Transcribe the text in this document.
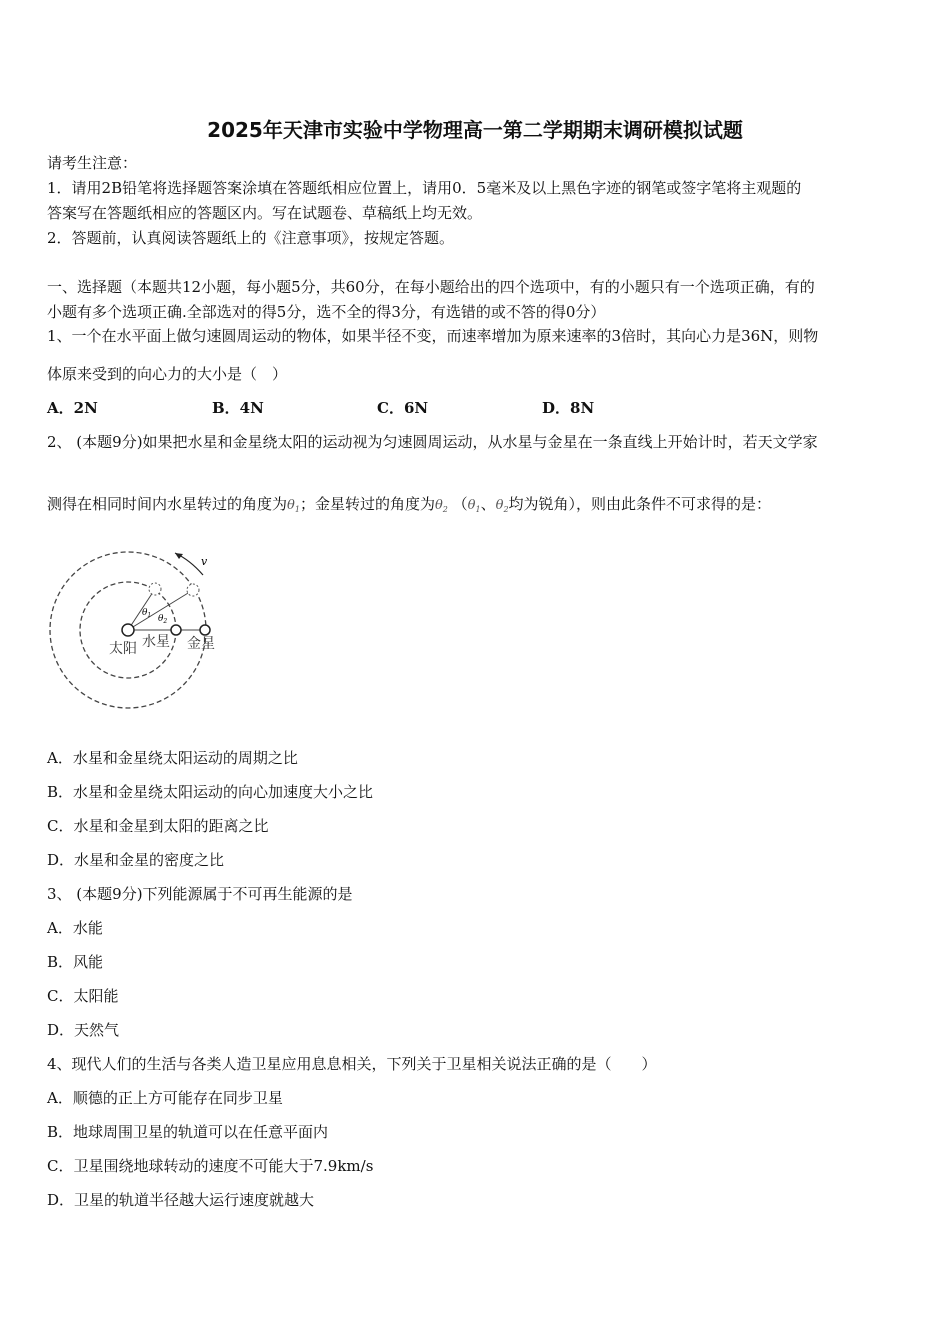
2025年天津市实验中学物理高一第二学期期末调研模拟试题
请考生注意：
1．请用2B铅笔将选择题答案涂填在答题纸相应位置上，请用0．5毫米及以上黑色字迹的钢笔或签字笔将主观题的
答案写在答题纸相应的答题区内。写在试题卷、草稿纸上均无效。
2．答题前，认真阅读答题纸上的《注意事项》，按规定答题。
一、选择题（本题共12小题，每小题5分，共60分，在每小题给出的四个选项中，有的小题只有一个选项正确，有的
小题有多个选项正确.全部选对的得5分，选不全的得3分，有选错的或不答的得0分）
1、一个在水平面上做匀速圆周运动的物体，如果半径不变，而速率增加为原来速率的3倍时，其向心力是36N，则物
体原来受到的向心力的大小是（　）
A．2N	B．4N	C．6N	D．8N
2、 (本题9分)如果把水星和金星绕太阳的运动视为匀速圆周运动，从水星与金星在一条直线上开始计时，若天文学家
测得在相同时间内水星转过的角度为$\theta_1$；金星转过的角度为$\theta_2$ （$\theta_1$、$\theta_2$均为锐角），则由此条件不可求得的是：
v
$\theta_1$ $\theta_2$
太阳 水星 金星
A．水星和金星绕太阳运动的周期之比
B．水星和金星绕太阳运动的向心加速度大小之比
C．水星和金星到太阳的距离之比
D．水星和金星的密度之比
3、 (本题9分)下列能源属于不可再生能源的是
A．水能
B．风能
C．太阳能
D．天然气
4、现代人们的生活与各类人造卫星应用息息相关，下列关于卫星相关说法正确的是（　　）
A．顺德的正上方可能存在同步卫星
B．地球周围卫星的轨道可以在任意平面内
C．卫星围绕地球转动的速度不可能大于7.9km/s
D．卫星的轨道半径越大运行速度就越大
